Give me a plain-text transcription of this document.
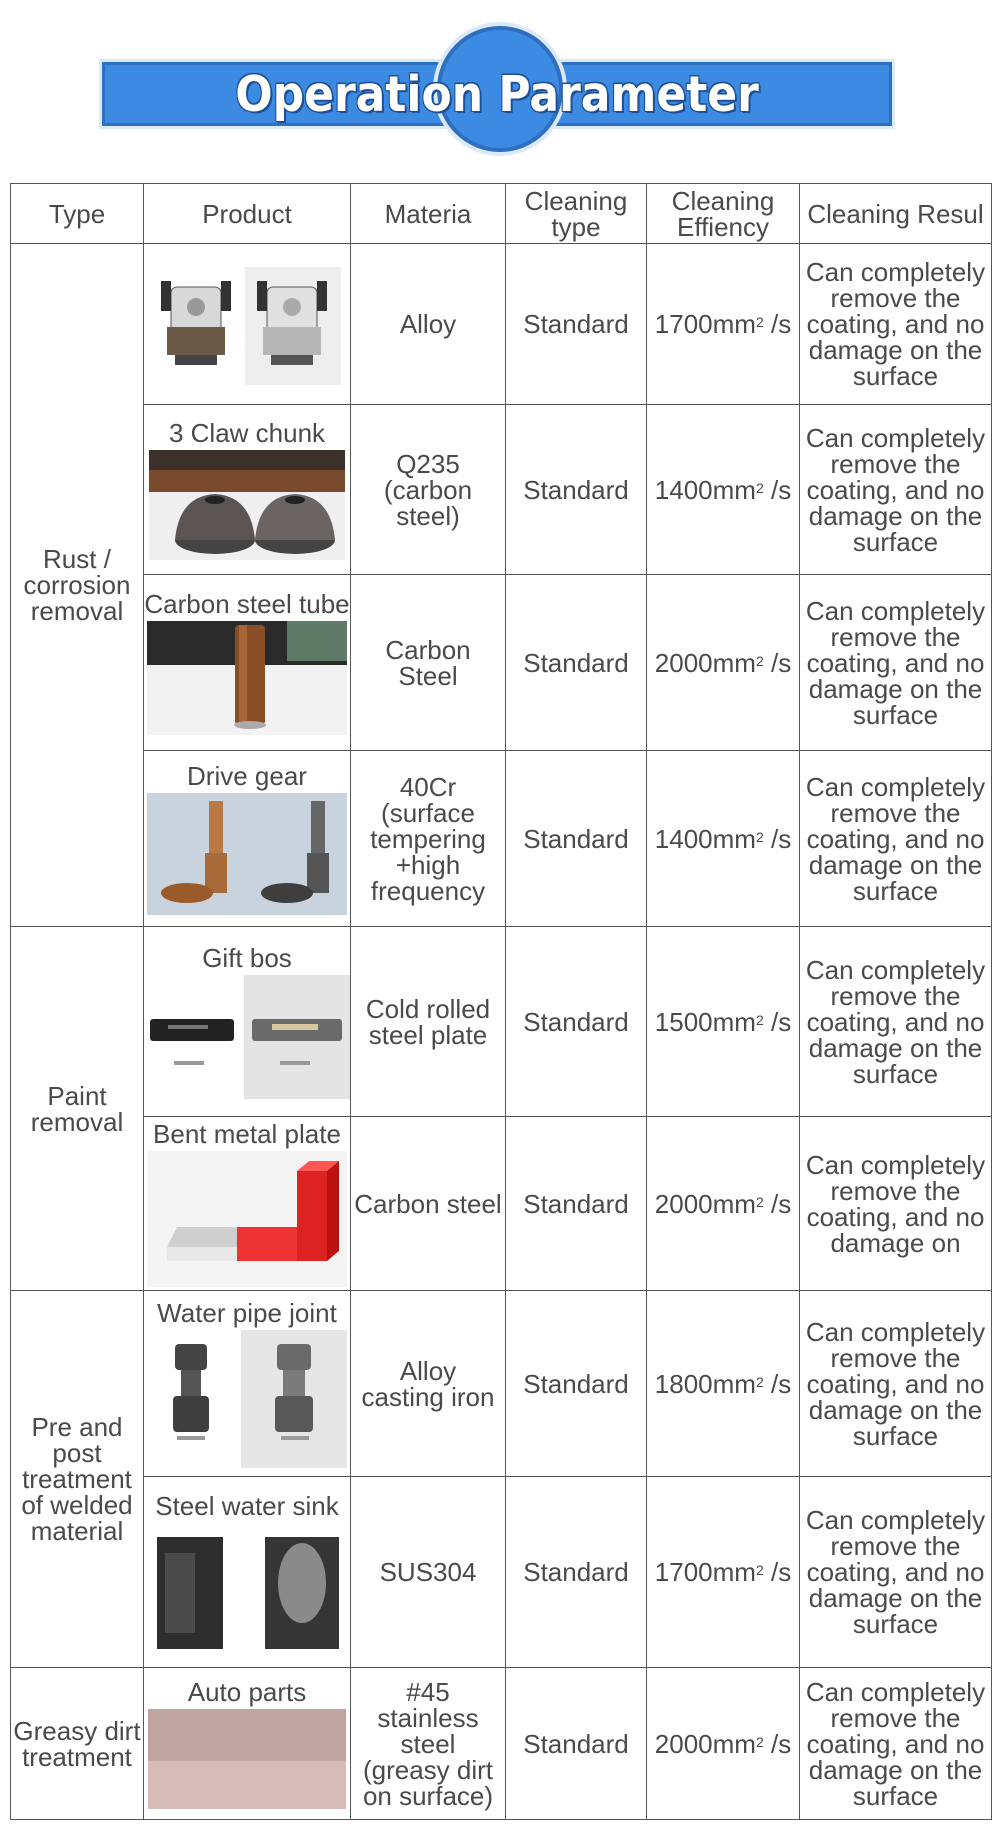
Operation Parameter
Type	Product	Materia	Cleaning type	Cleaning Effiency	Cleaning Resul
Rust / corrosion removal		Alloy	Standard	$1700mm^2$ /s	Can completely remove the coating, and no damage on the surface

	3 Claw chunk	Q235 (carbon steel)	Standard	$1400mm^2$ /s	Can completely remove the coating, and no damage on the surface

	Carbon steel tube	Carbon Steel	Standard	$2000mm^2$ /s	Can completely remove the coating, and no damage on the surface

	Drive gear	40Cr (surface tempering +high frequency	Standard	$1400mm^2$ /s	Can completely remove the coating, and no damage on the surface
Paint removal	Gift bos	Cold rolled steel plate	Standard	$1500mm^2$ /s	Can completely remove the coating, and no damage on the surface

	Bent metal plate	Carbon steel	Standard	$2000mm^2$ /s	Can completely remove the coating, and no damage on
Pre and post treatment of welded material	Water pipe joint	Alloy casting iron	Standard	$1800mm^2$ /s	Can completely remove the coating, and no damage on the surface

	Steel water sink	SUS304	Standard	$1700mm^2$ /s	Can completely remove the coating, and no damage on the surface
Greasy dirt treatment	Auto parts	#45 stainless steel (greasy dirt on surface)	Standard	$2000mm^2$ /s	Can completely remove the coating, and no damage on the surface
